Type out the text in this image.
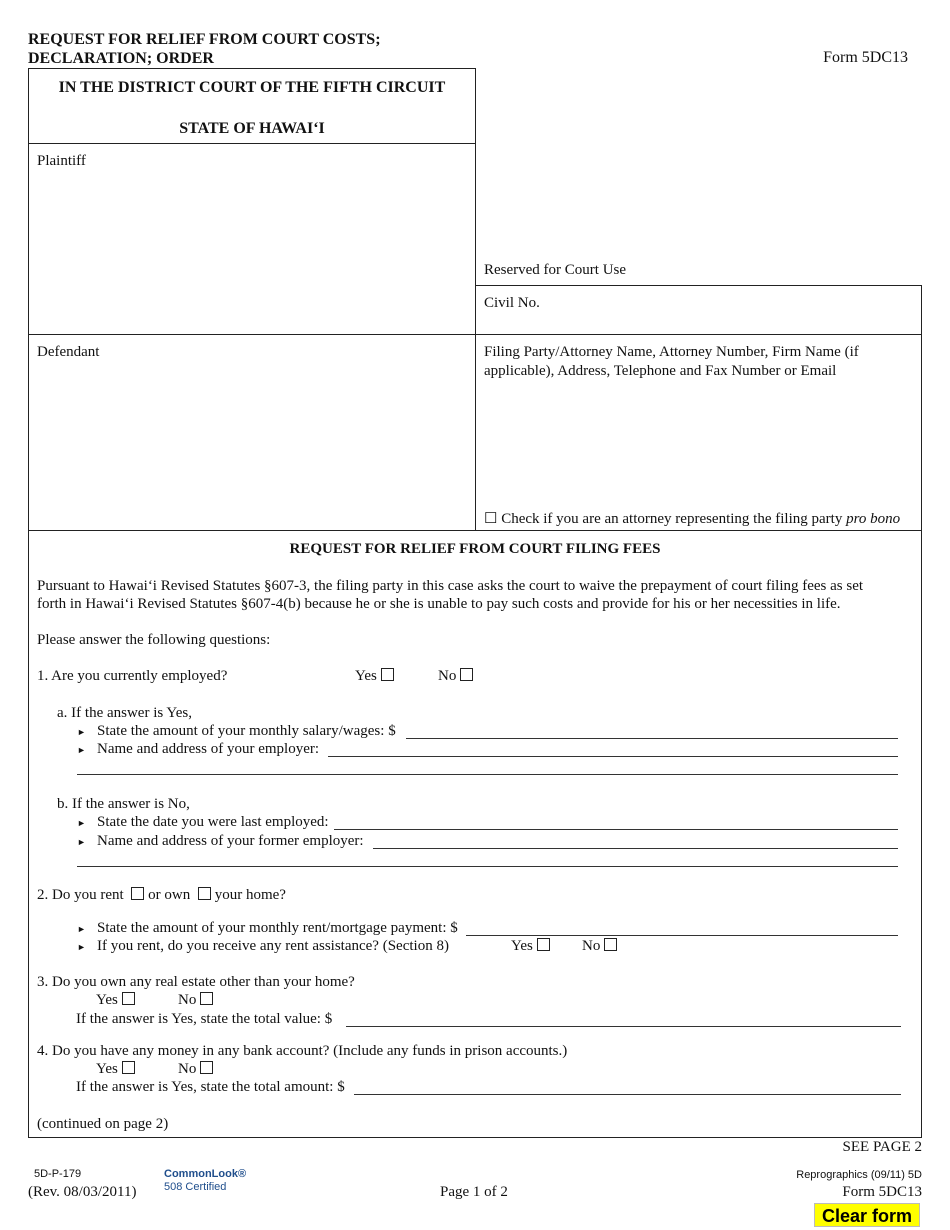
REQUEST FOR RELIEF FROM COURT COSTS;
DECLARATION; ORDER	Form 5DC13
IN THE DISTRICT COURT OF THE FIFTH CIRCUIT
STATE OF HAWAI‘I
Plaintiff
Reserved for Court Use
Civil No.
Defendant	Filing Party/Attorney Name, Attorney Number, Firm Name (if
applicable), Address, Telephone and Fax Number or Email
☐ Check if you are an attorney representing the filing party pro bono
REQUEST FOR RELIEF FROM COURT FILING FEES
Pursuant to Hawai‘i Revised Statutes §607-3, the filing party in this case asks the court to waive the prepayment of court filing fees as set
forth in Hawai‘i Revised Statutes §607-4(b) because he or she is unable to pay such costs and provide for his or her necessities in life.
Please answer the following questions:
1. Are you currently employed?	Yes	No
a. If the answer is Yes,
► State the amount of your monthly salary/wages: $
► Name and address of your employer:
b. If the answer is No,
► State the date you were last employed:
► Name and address of your former employer:
2. Do you rent or own your home?
► State the amount of your monthly rent/mortgage payment: $
► If you rent, do you receive any rent assistance? (Section 8)	Yes	No
3. Do you own any real estate other than your home?
Yes	No
If the answer is Yes, state the total value: $
4. Do you have any money in any bank account? (Include any funds in prison accounts.)
Yes	No
If the answer is Yes, state the total amount: $
(continued on page 2)
SEE PAGE 2
5D-P-179
(Rev. 08/03/2011)
CommonLook®
508 Certified	Page 1 of 2
Reprographics (09/11) 5D
Form 5DC13
Clear form
